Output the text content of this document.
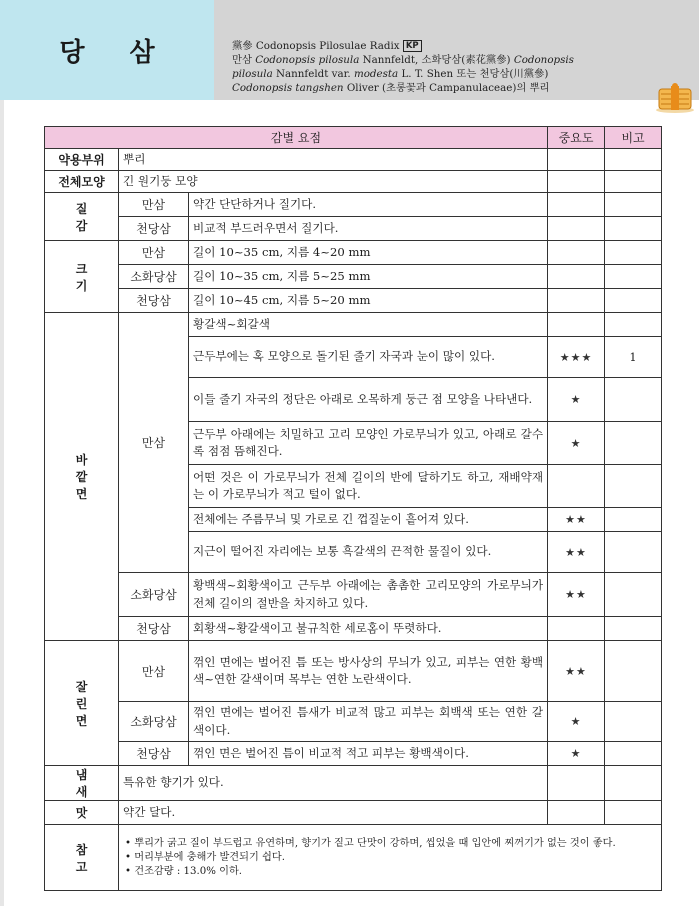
당 삼	黨參 Codonopsis Pilosulae Radix KP
만삼 Codonopsis pilosula Nannfeldt, 소화당삼(素花黨參) Codonopsis
pilosula Nannfeldt var. modesta L. T. Shen 또는 천당삼(川黨參)
Codonopsis tangshen Oliver (초롱꽃과 Campanulaceae)의 뿌리
감별 요점			중요도	비고
약용부위	뿌리			
전체모양	긴 원기둥 모양			
질 감	만삼	약간 단단하거나 질기다.		
	천당삼	비교적 부드러우면서 질기다.		
크 기	만삼	길이 10~35 cm, 지름 4~20 mm		
	소화당삼	길이 10~35 cm, 지름 5~25 mm		
	천당삼	길이 10~45 cm, 지름 5~20 mm		
바 깥 면	만삼	황갈색~회갈색		
		근두부에는 혹 모양으로 돌기된 줄기 자국과 눈이 많이 있다.	★★★	1
		이들 줄기 자국의 정단은 아래로 오목하게 둥근 점 모양을 나타낸다.	★	
		근두부 아래에는 치밀하고 고리 모양인 가로무늬가 있고, 아래로 갈수록 점점 뜸해진다.	★	
		어떤 것은 이 가로무늬가 전체 길이의 반에 달하기도 하고, 재배약재는 이 가로무늬가 적고 털이 없다.		
		전체에는 주름무늬 및 가로로 긴 껍질눈이 흩어져 있다.	★★	
		지근이 떨어진 자리에는 보통 흑갈색의 끈적한 물질이 있다.	★★	
	소화당삼	황백색~회황색이고 근두부 아래에는 촘촘한 고리모양의 가로무늬가 전체 길이의 절반을 차지하고 있다.	★★	
	천당삼	회황색~황갈색이고 불규칙한 세로홈이 뚜렷하다.		
잘 린 면	만삼	꺾인 면에는 벌어진 틈 또는 방사상의 무늬가 있고, 피부는 연한 황백색~연한 갈색이며 목부는 연한 노란색이다.	★★	
	소화당삼	꺾인 면에는 벌어진 틈새가 비교적 많고 피부는 회백색 또는 연한 갈색이다.	★	
	천당삼	꺾인 면은 벌어진 틈이 비교적 적고 피부는 황백색이다.	★	
냄 새	특유한 향기가 있다.			
맛	약간 달다.			
참 고	• 뿌리가 굵고 질이 부드럽고 유연하며, 향기가 짙고 단맛이 강하며, 씹었을 때 입안에 찌꺼기가 없는 것이 좋다.
• 머리부분에 충해가 발견되기 쉽다.
• 건조감량 : 13.0% 이하.			
